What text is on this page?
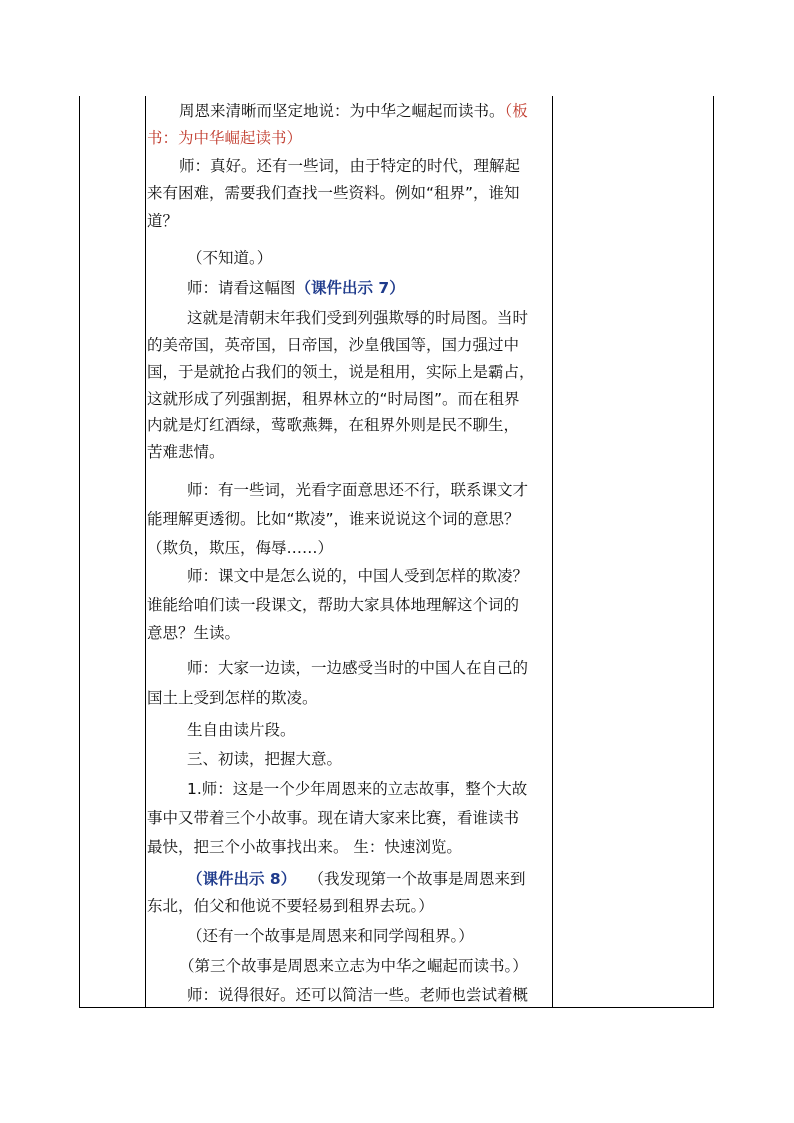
周恩来清晰而坚定地说：为中华之崛起而读书。（板
书：为中华崛起读书）
师：真好。还有一些词，由于特定的时代，理解起
来有困难，需要我们查找一些资料。例如“租界”，谁知
道？
（不知道。）
师：请看这幅图（课件出示 7）
这就是清朝末年我们受到列强欺辱的时局图。当时
的美帝国，英帝国，日帝国，沙皇俄国等，国力强过中
国，于是就抢占我们的领土，说是租用，实际上是霸占，
这就形成了列强割据，租界林立的“时局图”。而在租界
内就是灯红酒绿，莺歌燕舞，在租界外则是民不聊生，
苦难悲情。
师：有一些词，光看字面意思还不行，联系课文才
能理解更透彻。比如“欺凌”，谁来说说这个词的意思？
（欺负，欺压，侮辱……）
师：课文中是怎么说的，中国人受到怎样的欺凌？
谁能给咱们读一段课文，帮助大家具体地理解这个词的
意思？生读。
师：大家一边读，一边感受当时的中国人在自己的
国土上受到怎样的欺凌。
生自由读片段。
三、初读，把握大意。
1.师：这是一个少年周恩来的立志故事，整个大故
事中又带着三个小故事。现在请大家来比赛，看谁读书
最快，把三个小故事找出来。 生：快速浏览。
（课件出示 8） （我发现第一个故事是周恩来到
东北，伯父和他说不要轻易到租界去玩。）
（还有一个故事是周恩来和同学闯租界。）
（第三个故事是周恩来立志为中华之崛起而读书。）
师：说得很好。还可以简洁一些。老师也尝试着概
